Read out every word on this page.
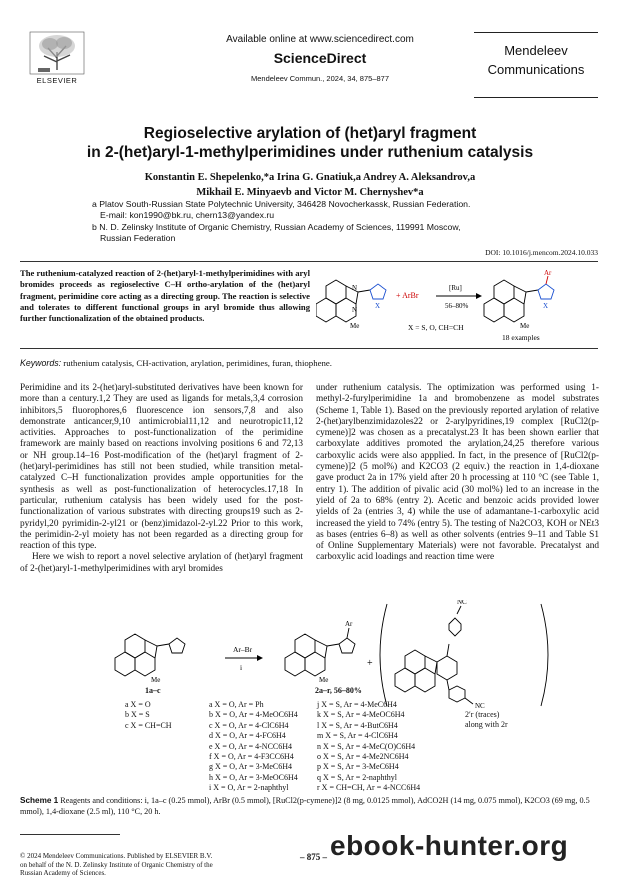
ELSEVIER
Available online at www.sciencedirect.com
ScienceDirect
Mendeleev Commun., 2024, 34, 875–877
Mendeleev
Communications
Regioselective arylation of (het)aryl fragment
in 2-(het)aryl-1-methylperimidines under ruthenium catalysis
Konstantin E. Shepelenko,*a Irina G. Gnatiuk,a Andrey A. Aleksandrov,a
Mikhail E. Minyaevb and Victor M. Chernyshev*a
a Platov South-Russian State Polytechnic University, 346428 Novocherkassk, Russian Federation.
E-mail: kon1990@bk.ru, chern13@yandex.ru
b N. D. Zelinsky Institute of Organic Chemistry, Russian Academy of Sciences, 119991 Moscow,
Russian Federation
DOI: 10.1016/j.mencom.2024.10.033
The ruthenium-catalyzed reaction of 2-(het)aryl-1-methylperimidines with aryl bromides proceeds as regioselective C–H ortho-arylation of the (het)aryl fragment, perimidine core acting as a directing group. The reaction is selective and tolerates to different functional groups in aryl bromide thus allowing further functionalization of the obtained products.
N
N
Me
X
+ ArBr
[Ru]
56–80%
Ar
X
Me
X = S, O, CH=CH
18 examples
Keywords: ruthenium catalysis, CH-activation, arylation, perimidines, furan, thiophene.

Perimidine and its 2-(het)aryl-substituted derivatives have been known for more than a century.1,2 They are used as ligands for metals,3,4 corrosion inhibitors,5 fluorophores,6 fluorescence ion sensors,7,8 and also demonstrate anticancer,9,10 antimicrobial11,12 and neurotropic11,12 activities. Approaches to post-functionalization of the perimidine framework are mainly based on reactions involving positions 6 and 72,13 or NH group.14–16 Post-modification of the (het)aryl fragment of 2-(het)aryl-perimidines has still not been studied, while transition metal-catalyzed C–H functionalization provides ample opportunities for the synthesis as well as post-functionalization of heterocycles.17,18 In particular, ruthenium catalysis has been widely used for the post-functionalization of various substrates with directing groups19 such as 2-pyridyl,20 pyrimidin-2-yl21 or (benz)imidazol-2-yl.22 Prior to this work, the perimidin-2-yl moiety has not been regarded as a directing group for reaction of this type.

Here we wish to report a novel selective arylation of (het)aryl fragment of 2-(het)aryl-1-methylperimidines with aryl bromides

under ruthenium catalysis. The optimization was performed using 1-methyl-2-furylperimidine 1a and bromobenzene as model substrates (Scheme 1, Table 1). Based on the previously reported arylation of relative 2-(het)arylbenzimidazoles22 or 2-arylpyridines,19 complex [RuCl2(p-cymene)]2 was chosen as a precatalyst.23 It has been shown earlier that carboxylate additives promoted the arylation,24,25 therefore various carboxylic acids were also appplied. In fact, in the presence of [RuCl2(p-cymene)]2 (5 mol%) and K2CO3 (2 equiv.) the reaction in 1,4-dioxane gave product 2a in 17% yield after 20 h processing at 110 °C (see Table 1, entry 1). The addition of pivalic acid (30 mol%) led to an increase in the yield of 2a to 68% (entry 2). Acetic and benzoic acids provided lower yields of 2a (entries 3, 4) while the use of adamantane-1-carboxylic acid increased the yield to 74% (entry 5). The testing of Na2CO3, KOH or NEt3 as bases (entries 6–8) as well as other solvents (entries 9–11 and Table S1 of Online Supplementary Materials) were not favorable. Precatalyst and carboxylic acid loadings and reaction time were

Ar–Br
i
Me	Me
Ar
+
NC
NC
1a–c	2a–r, 56–80%
2′r (traces)
along with 2r
a X = O
b X = S
c X = CH=CH
a X = O, Ar = Ph
b X = O, Ar = 4-MeOC6H4
c X = O, Ar = 4-ClC6H4
d X = O, Ar = 4-FC6H4
e X = O, Ar = 4-NCC6H4
f X = O, Ar = 4-F3CC6H4
g X = O, Ar = 3-MeC6H4
h X = O, Ar = 3-MeOC6H4
i X = O, Ar = 2-naphthyl
j X = S, Ar = 4-MeC6H4
k X = S, Ar = 4-MeOC6H4
l X = S, Ar = 4-ButC6H4
m X = S, Ar = 4-ClC6H4
n X = S, Ar = 4-MeC(O)C6H4
o X = S, Ar = 4-Me2NC6H4
p X = S, Ar = 3-MeC6H4
q X = S, Ar = 2-naphthyl
r X = CH=CH, Ar = 4-NCC6H4
Scheme 1 Reagents and conditions: i, 1a–c (0.25 mmol), ArBr (0.5 mmol), [RuCl2(p-cymene)]2 (8 mg, 0.0125 mmol), AdCO2H (14 mg, 0.075 mmol), K2CO3 (69 mg, 0.5 mmol), 1,4-dioxane (2.5 ml), 110 °C, 20 h.
© 2024 Mendeleev Communications. Published by ELSEVIER B.V.
on behalf of the N. D. Zelinsky Institute of Organic Chemistry of the
Russian Academy of Sciences.
– 875 – ebook-hunter.org
